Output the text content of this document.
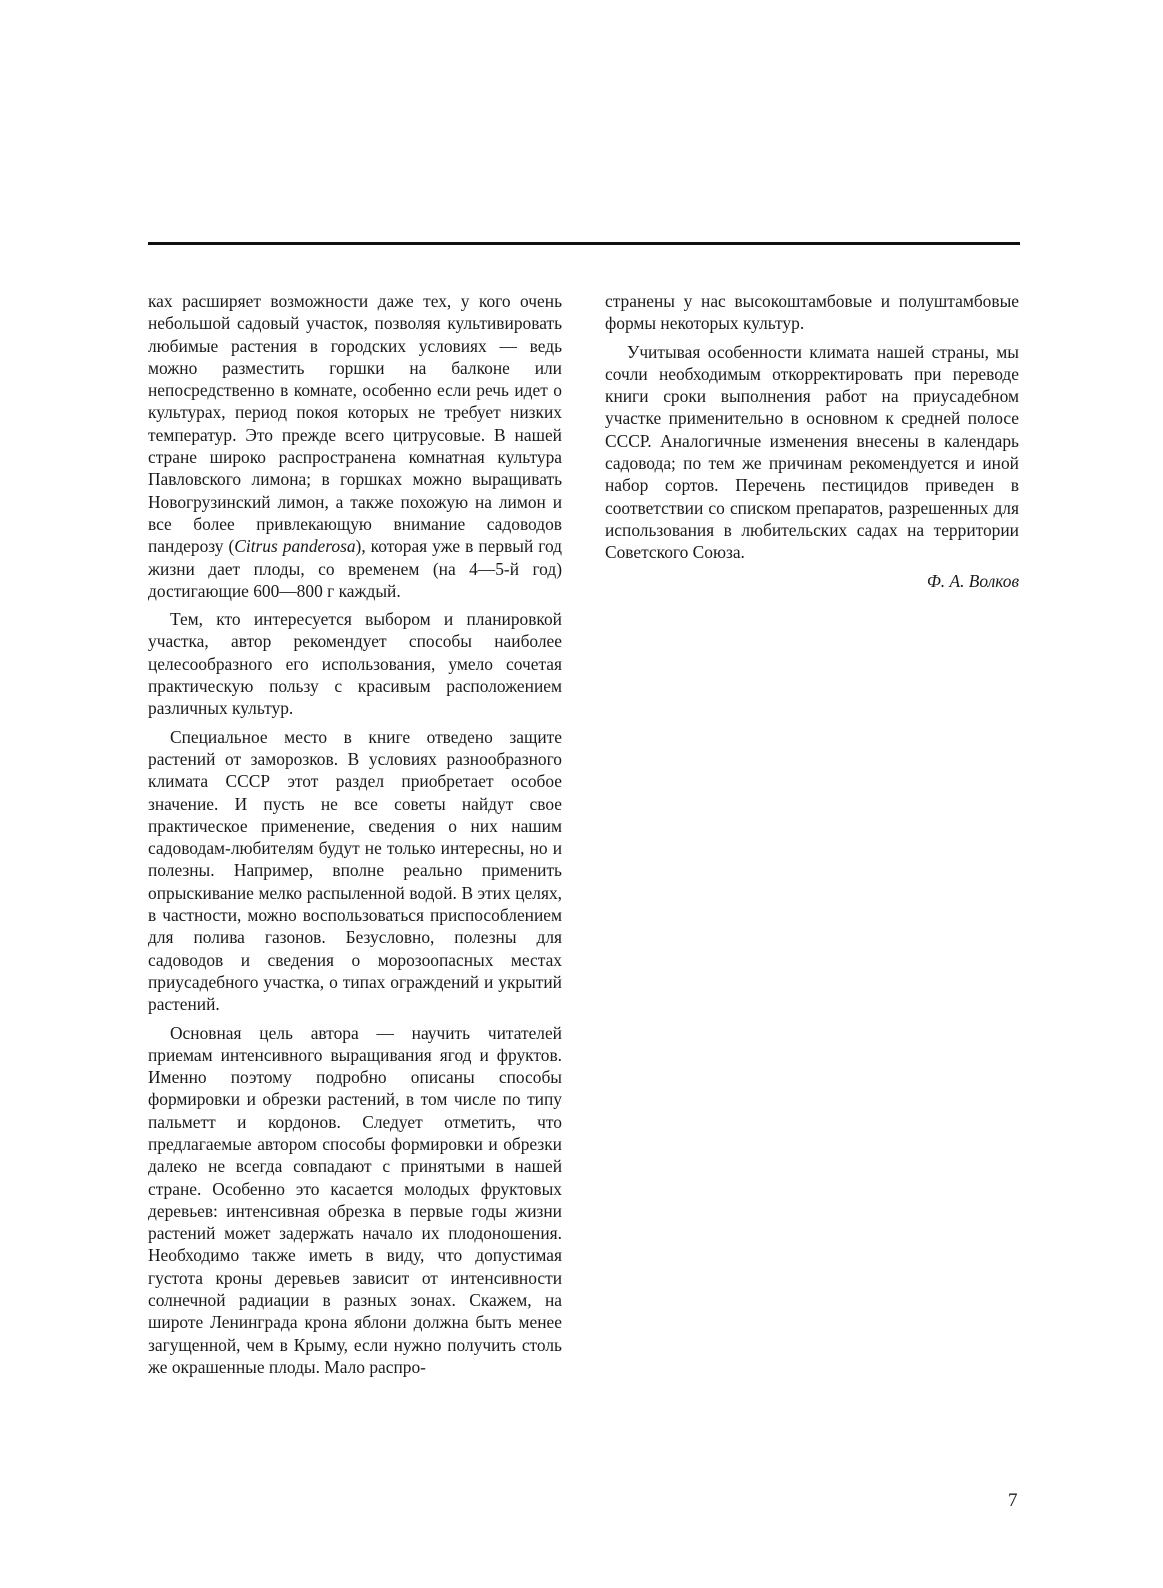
ках расширяет возможности даже тех, у кого очень небольшой садовый участок, позволяя культивировать любимые растения в городских условиях — ведь можно разместить горшки на балконе или непосредственно в комнате, особенно если речь идет о культурах, период покоя которых не требует низких температур. Это прежде всего цитрусовые. В нашей стране широко распространена комнатная культура Павловского лимона; в горшках можно выращивать Новогрузинский лимон, а также похожую на лимон и все более привлекающую внимание садоводов пандерозу (Citrus panderosa), которая уже в первый год жизни дает плоды, со временем (на 4—5-й год) достигающие 600—800 г каждый.

Тем, кто интересуется выбором и планировкой участка, автор рекомендует способы наиболее целесообразного его использования, умело сочетая практическую пользу с красивым расположением различных культур.

Специальное место в книге отведено защите растений от заморозков. В условиях разнообразного климата СССР этот раздел приобретает особое значение. И пусть не все советы найдут свое практическое применение, сведения о них нашим садоводам-любителям будут не только интересны, но и полезны. Например, вполне реально применить опрыскивание мелко распыленной водой. В этих целях, в частности, можно воспользоваться приспособлением для полива газонов. Безусловно, полезны для садоводов и сведения о морозоопасных местах приусадебного участка, о типах ограждений и укрытий растений.

Основная цель автора — научить читателей приемам интенсивного выращивания ягод и фруктов. Именно поэтому подробно описаны способы формировки и обрезки растений, в том числе по типу пальметт и кордонов. Следует отметить, что предлагаемые автором способы формировки и обрезки далеко не всегда совпадают с принятыми в нашей стране. Особенно это касается молодых фруктовых деревьев: интенсивная обрезка в первые годы жизни растений может задержать начало их плодоношения. Необходимо также иметь в виду, что допустимая густота кроны деревьев зависит от интенсивности солнечной радиации в разных зонах. Скажем, на широте Ленинграда крона яблони должна быть менее загущенной, чем в Крыму, если нужно получить столь же окрашенные плоды. Мало распро-

странены у нас высокоштамбовые и полуштамбовые формы некоторых культур.

Учитывая особенности климата нашей страны, мы сочли необходимым откорректировать при переводе книги сроки выполнения работ на приусадебном участке применительно в основном к средней полосе СССР. Аналогичные изменения внесены в календарь садовода; по тем же причинам рекомендуется и иной набор сортов. Перечень пестицидов приведен в соответствии со списком препаратов, разрешенных для использования в любительских садах на территории Советского Союза.

Ф. А. Волков

7
